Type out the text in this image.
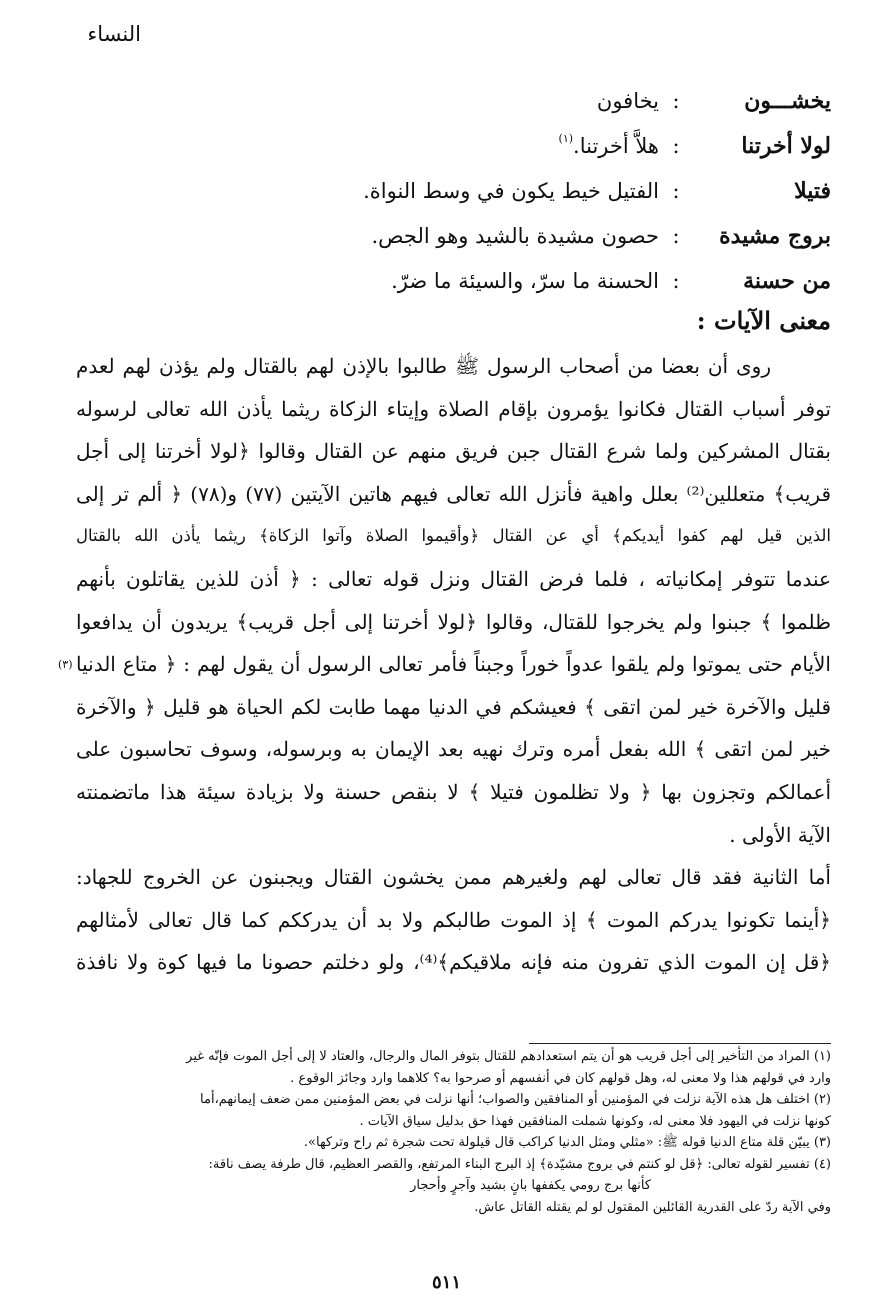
النساء
يخشـــون
:
يخافون
لولا أخرتنا
:
هلاَّ أخرتنا.$^{(١)}$
فتيلا
:
الفتيل خيط يكون في وسط النواة.
بروج مشيدة
:
حصون مشيدة بالشيد وهو الجص.
من حسنة
:
الحسنة ما سرّ، والسيئة ما ضرّ.
معنى الآيات :
روى أن بعضا من أصحاب الرسول ﷺ طالبوا بالإذن لهم بالقتال ولم يؤذن لهم لعدم
توفر أسباب القتال فكانوا يؤمرون بإقام الصلاة وإيتاء الزكاة ريثما يأذن الله تعالى لرسوله
بقتال المشركين ولما شرع القتال جبن فريق منهم عن القتال وقالوا ﴿لولا أخرتنا إلى أجل
قريب﴾ متعللين⁽²⁾ بعلل واهية فأنزل الله تعالى فيهم هاتين الآيتين (٧٧) و(٧٨) ﴿ ألم تر إلى
الذين قيل لهم كفوا أيديكم﴾ أي عن القتال ﴿وأقيموا الصلاة وآتوا الزكاة﴾ ريثما يأذن الله بالقتال
عندما تتوفر إمكانياته ، فلما فرض القتال ونزل قوله تعالى : ﴿ أذن للذين يقاتلون بأنهم
ظلموا ﴾ جبنوا ولم يخرجوا للقتال، وقالوا ﴿لولا أخرتنا إلى أجل قريب﴾ يريدون أن يدافعوا
الأيام حتى يموتوا ولم يلقوا عدواً خوراً وجبناً فأمر تعالى الرسول أن يقول لهم : ﴿ متاع الدنيا
قليل والآخرة خير لمن اتقى ﴾ فعيشكم في الدنيا مهما طابت لكم الحياة هو قليل ﴿ والآخرة
خير لمن اتقى ﴾ الله بفعل أمره وترك نهيه بعد الإيمان به وبرسوله، وسوف تحاسبون على
أعمالكم وتجزون بها ﴿ ولا تظلمون فتيلا ﴾ لا بنقص حسنة ولا بزيادة سيئة هذا ماتضمنته
الآية الأولى .
أما الثانية فقد قال تعالى لهم ولغيرهم ممن يخشون القتال ويجبنون عن الخروج للجهاد:
﴿أينما تكونوا يدركم الموت ﴾ إذ الموت طالبكم ولا بد أن يدرككم كما قال تعالى لأمثالهم
﴿قل إن الموت الذي تفرون منه فإنه ملاقيكم﴾⁽⁴⁾، ولو دخلتم حصونا ما فيها كوة ولا نافذة
(٣)
(١) المراد من التأخير إلى أجل قريب هو أن يتم استعدادهم للقتال بتوفر المال والرجال، والعتاد لا إلى أجل الموت فإنّه غير
وارد في قولهم هذا ولا معنى له، وهل قولهم كان في أنفسهم أو صرحوا به؟ كلاهما وارد وجائز الوقوع .
(٢) اختلف هل هذه الآية نزلت في المؤمنين أو المنافقين والصواب؛ أنها نزلت في بعض المؤمنين ممن ضعف إيمانهم،أما
كونها نزلت في اليهود فلا معنى له، وكونها شملت المنافقين فهذا حق بدليل سياق الآيات .
(٣) يبيّن قلة متاع الدنيا قوله ﷺ: «مثلي ومثل الدنيا كراكب قال قيلولة تحت شجرة ثم راح وتركها».
(٤) تفسير لقوله تعالى: ﴿قل لو كنتم في بروج مشيّدة﴾ إذ البرج البناء المرتفع، والقصر العظيم، قال طرفة يصف ناقة:
كأنها برج رومي يكففها بانٍ بشيد وآجرٍ وأحجار
وفي الآية ردّ على القدرية القائلين المقتول لو لم يقتله القاتل عاش.
٥١١
